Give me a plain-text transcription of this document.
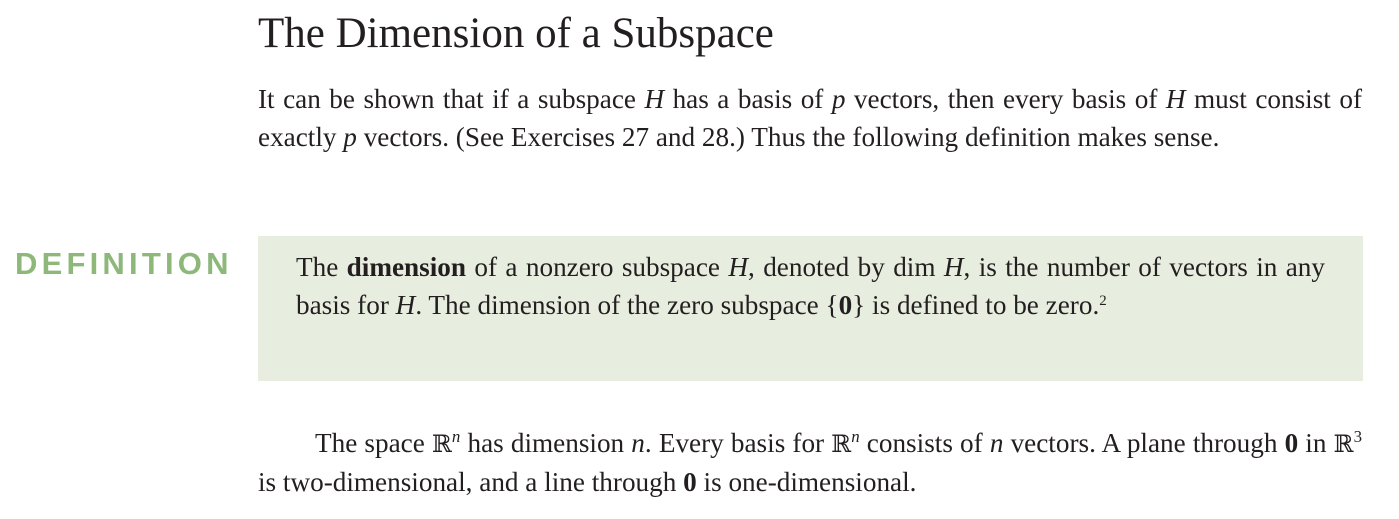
The Dimension of a Subspace

It can be shown that if a subspace H has a basis of p vectors, then every basis of H must consist of exactly p vectors. (See Exercises 27 and 28.) Thus the following definition makes sense.

DEFINITION The dimension of a nonzero subspace H, denoted by dim H, is the number of vectors in any basis for H. The dimension of the zero subspace {0} is defined to be zero.$^2$

The space ℝ$^n$ has dimension n. Every basis for ℝ$^n$ consists of n vectors. A plane through 0 in ℝ$^3$ is two-dimensional, and a line through 0 is one-dimensional.
